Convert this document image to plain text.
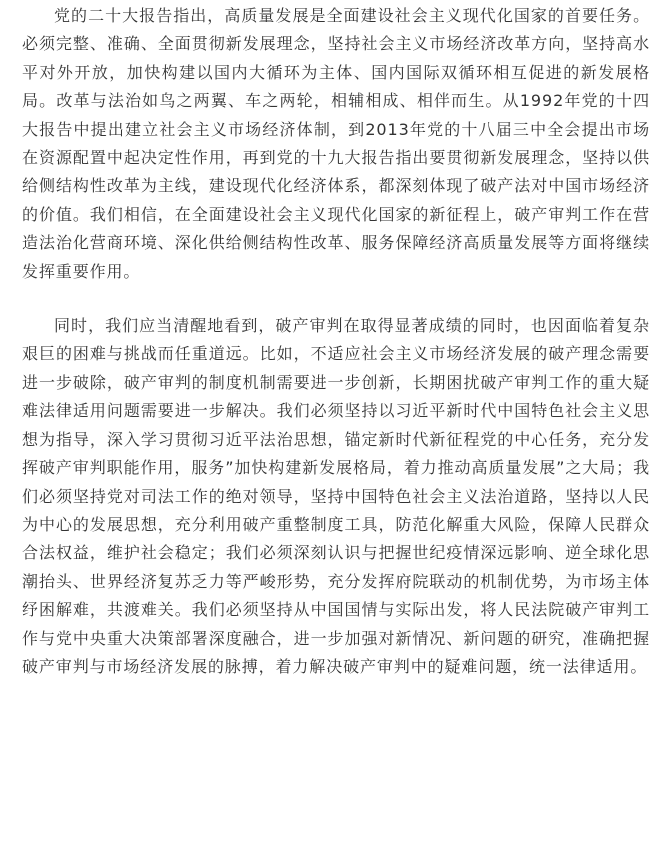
党的二十大报告指出，高质量发展是全面建设社会主义现代化国家的首要任务。必须完整、准确、全面贯彻新发展理念，坚持社会主义市场经济改革方向，坚持高水平对外开放，加快构建以国内大循环为主体、国内国际双循环相互促进的新发展格局。改革与法治如鸟之两翼、车之两轮，相辅相成、相伴而生。从1992年党的十四大报告中提出建立社会主义市场经济体制，到2013年党的十八届三中全会提出市场在资源配置中起决定性作用，再到党的十九大报告指出要贯彻新发展理念，坚持以供给侧结构性改革为主线，建设现代化经济体系，都深刻体现了破产法对中国市场经济的价值。我们相信，在全面建设社会主义现代化国家的新征程上，破产审判工作在营造法治化营商环境、深化供给侧结构性改革、服务保障经济高质量发展等方面将继续发挥重要作用。

同时，我们应当清醒地看到，破产审判在取得显著成绩的同时，也因面临着复杂艰巨的困难与挑战而任重道远。比如，不适应社会主义市场经济发展的破产理念需要进一步破除，破产审判的制度机制需要进一步创新，长期困扰破产审判工作的重大疑难法律适用问题需要进一步解决。我们必须坚持以习近平新时代中国特色社会主义思想为指导，深入学习贯彻习近平法治思想，锚定新时代新征程党的中心任务，充分发挥破产审判职能作用，服务”加快构建新发展格局，着力推动高质量发展”之大局；我们必须坚持党对司法工作的绝对领导，坚持中国特色社会主义法治道路，坚持以人民为中心的发展思想，充分利用破产重整制度工具，防范化解重大风险，保障人民群众合法权益，维护社会稳定；我们必须深刻认识与把握世纪疫情深远影响、逆全球化思潮抬头、世界经济复苏乏力等严峻形势，充分发挥府院联动的机制优势，为市场主体纾困解难，共渡难关。我们必须坚持从中国国情与实际出发，将人民法院破产审判工作与党中央重大决策部署深度融合，进一步加强对新情况、新问题的研究，准确把握破产审判与市场经济发展的脉搏，着力解决破产审判中的疑难问题，统一法律适用。
